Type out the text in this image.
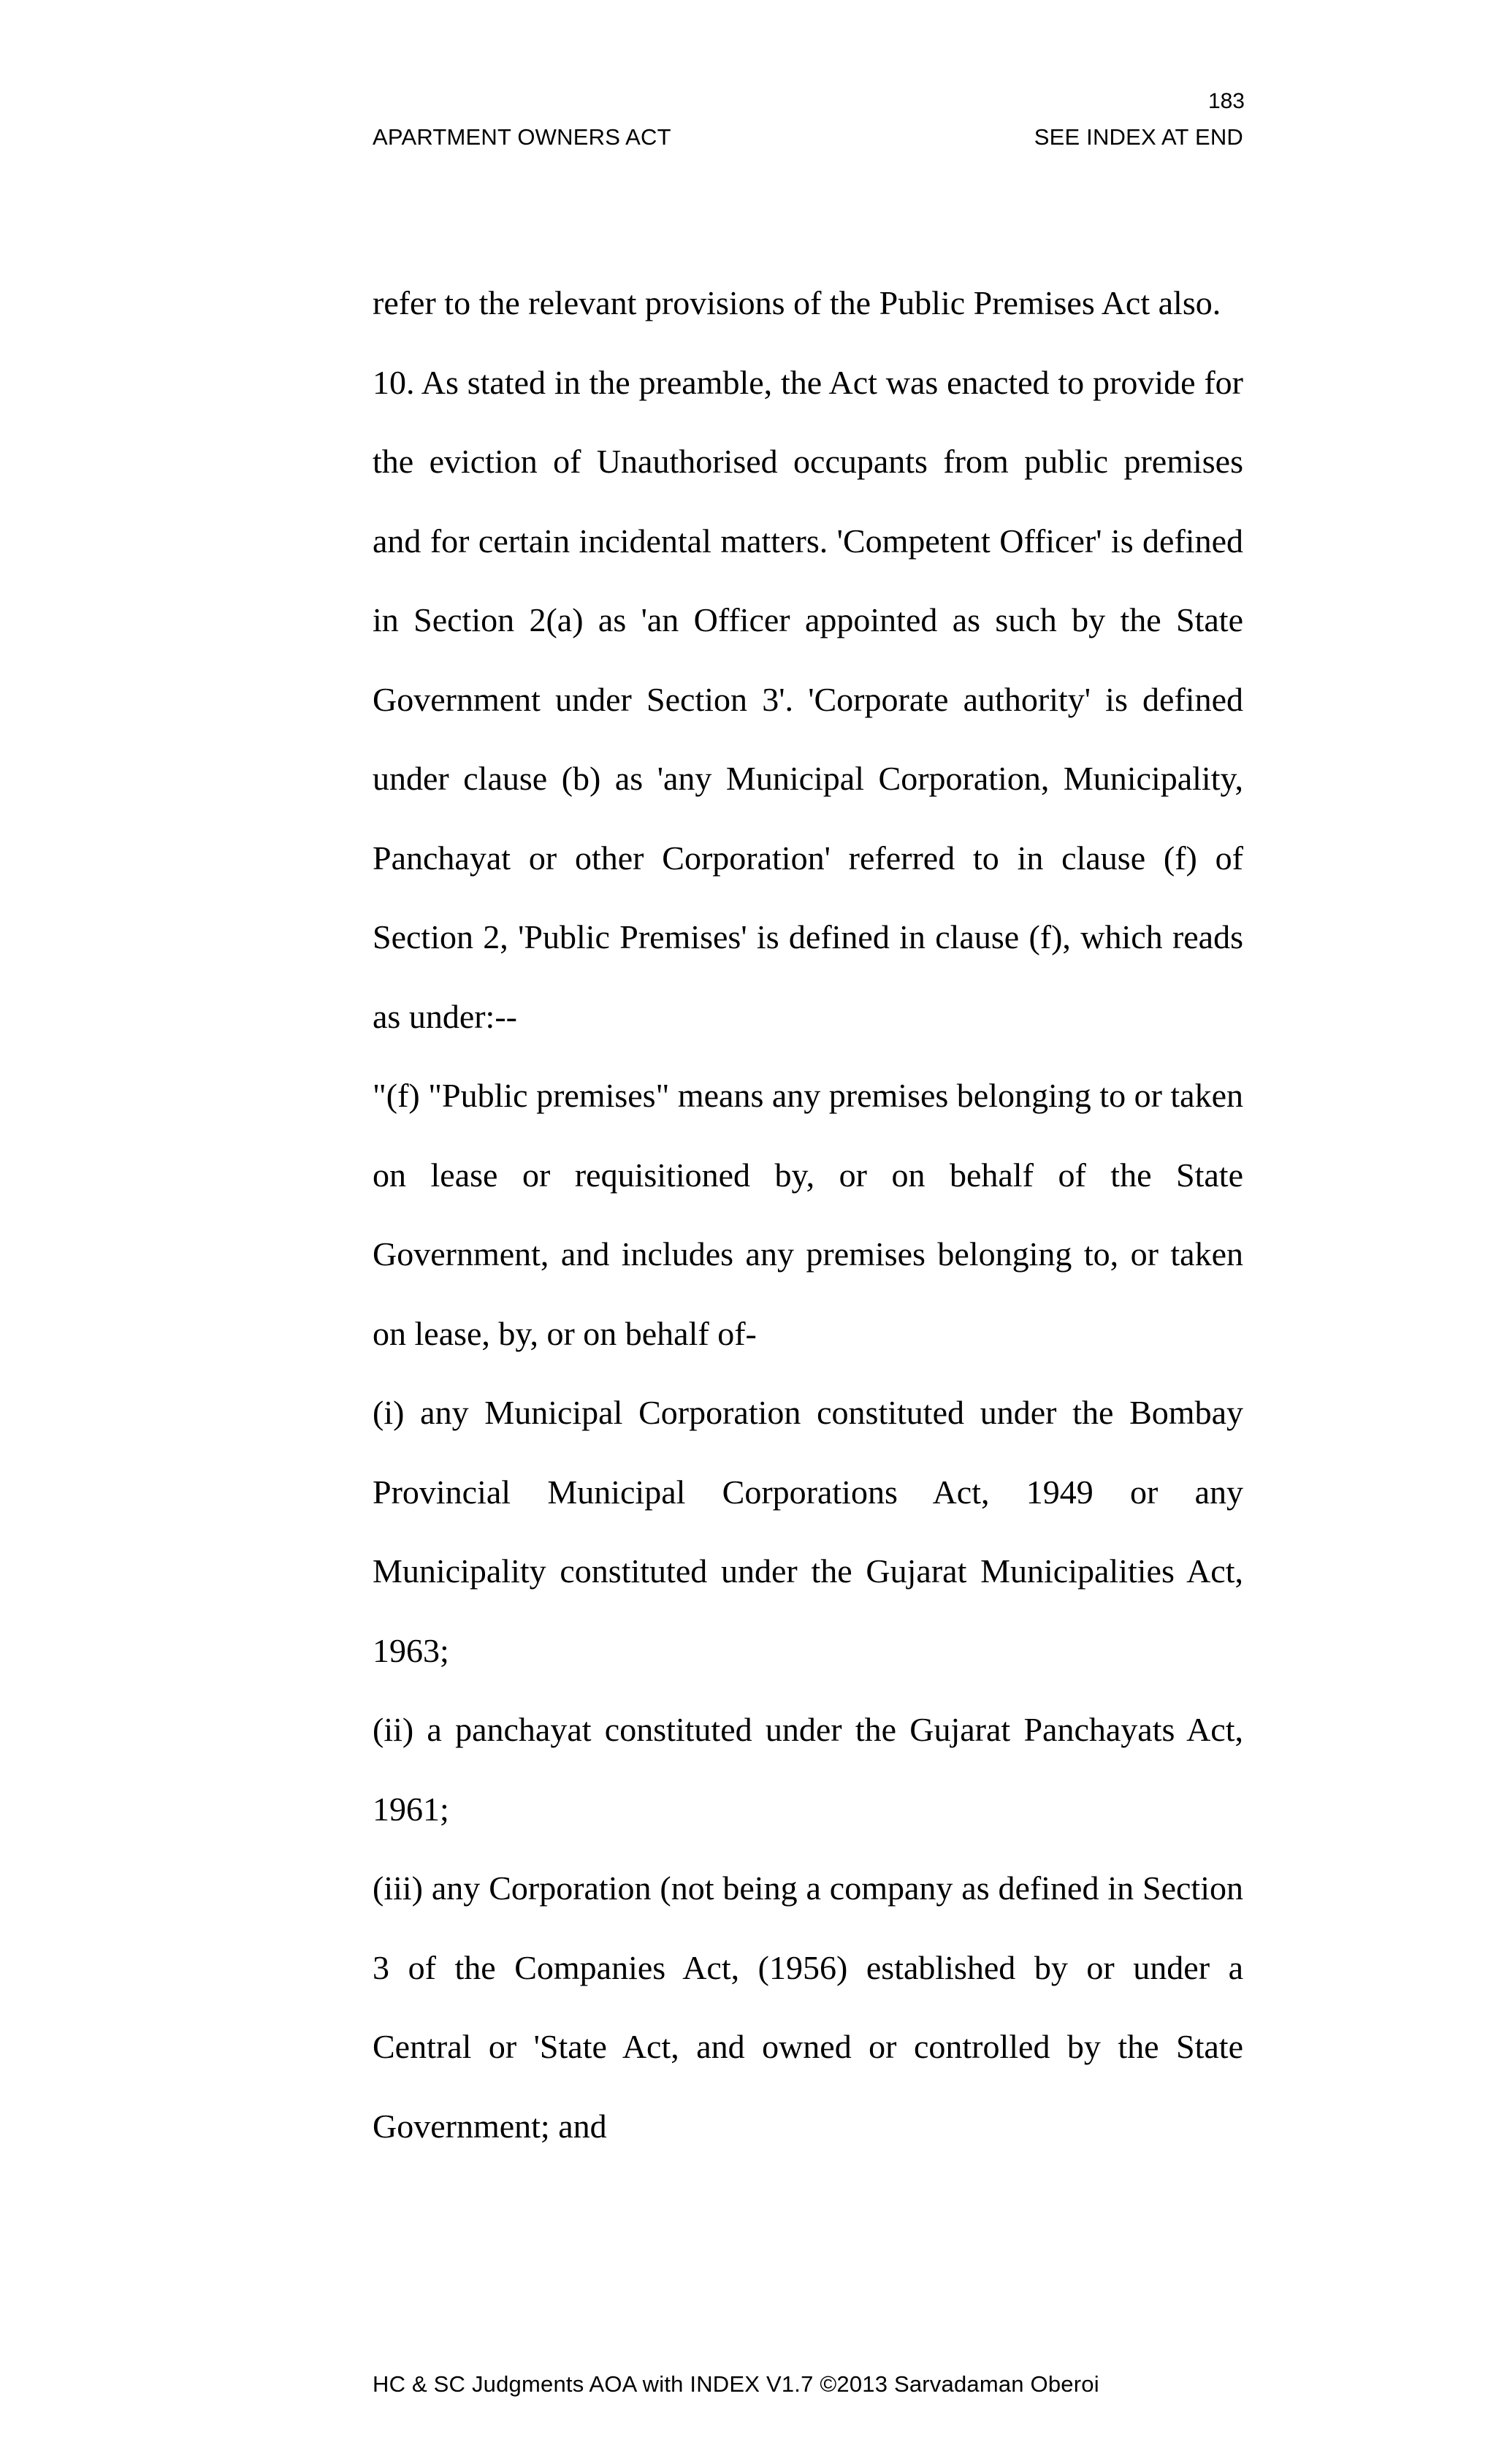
183
APARTMENT OWNERS ACT	SEE INDEX AT END

refer to the relevant provisions of the Public Premises Act also.

10. As stated in the preamble, the Act was enacted to provide for the eviction of Unauthorised occupants from public premises and for certain incidental matters. 'Competent Officer' is defined in Section 2(a) as 'an Officer appointed as such by the State Government under Section 3'. 'Corporate authority' is defined under clause (b) as 'any Municipal Corporation, Municipality, Panchayat or other Corporation' referred to in clause (f) of Section 2, 'Public Premises' is defined in clause (f), which reads as under:--

"(f) "Public premises" means any premises belonging to or taken on lease or requisitioned by, or on behalf of the State Government, and includes any premises belonging to, or taken on lease, by, or on behalf of-

(i) any Municipal Corporation constituted under the Bombay Provincial Municipal Corporations Act, 1949 or any Municipality constituted under the Gujarat Municipalities Act, 1963;

(ii) a panchayat constituted under the Gujarat Panchayats Act, 1961;

(iii) any Corporation (not being a company as defined in Section 3 of the Companies Act, (1956) established by or under a Central or 'State Act, and owned or controlled by the State Government; and

HC & SC Judgments AOA with INDEX V1.7 ©2013 Sarvadaman Oberoi
